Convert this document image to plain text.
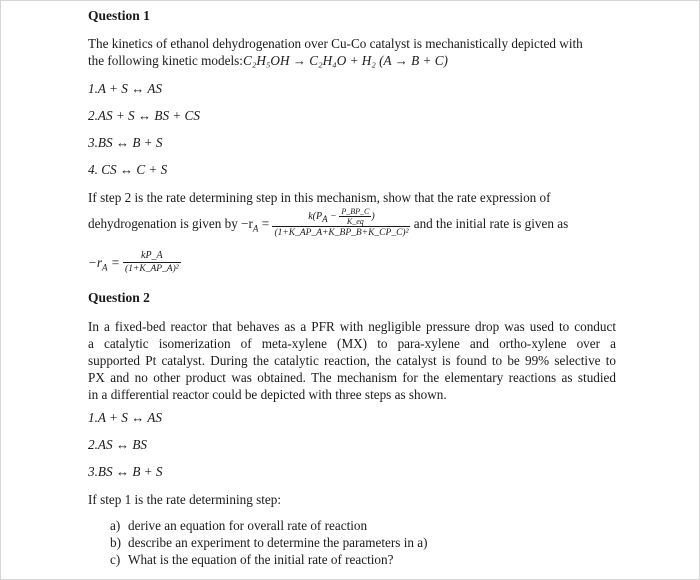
Question 1
The kinetics of ethanol dehydrogenation over Cu-Co catalyst is mechanistically depicted with
the following kinetic models:C₂H₅OH → C₂H₄O + H₂ (A → B + C)
1.A + S ↔ AS
2.AS + S ↔ BS + CS
3.BS ↔ B + S
4. CS ↔ C + S
If step 2 is the rate determining step in this mechanism, show that the rate expression of
dehydrogenation is given by $-r_A = \frac{k(P_A - \frac{P\_BP\_C}{K\_eq} )}{\text{(1+K\_AP\_A+K\_BP\_B+K\_CP\_C)²}}$ and the initial rate is given as
$-r_A = \frac{kP\_A}{\text{(1+K\_AP\_A)²}}$
Question 2
In a fixed-bed reactor that behaves as a PFR with negligible pressure drop was used to conduct
a catalytic isomerization of meta-xylene (MX) to para-xylene and ortho-xylene over a
supported Pt catalyst. During the catalytic reaction, the catalyst is found to be 99% selective to
PX and no other product was obtained. The mechanism for the elementary reactions as studied
in a differential reactor could be depicted with three steps as shown.
1.A + S ↔ AS
2.AS ↔ BS
3.BS ↔ B + S
If step 1 is the rate determining step:
a) derive an equation for overall rate of reaction
b) describe an experiment to determine the parameters in a)
c) What is the equation of the initial rate of reaction?
